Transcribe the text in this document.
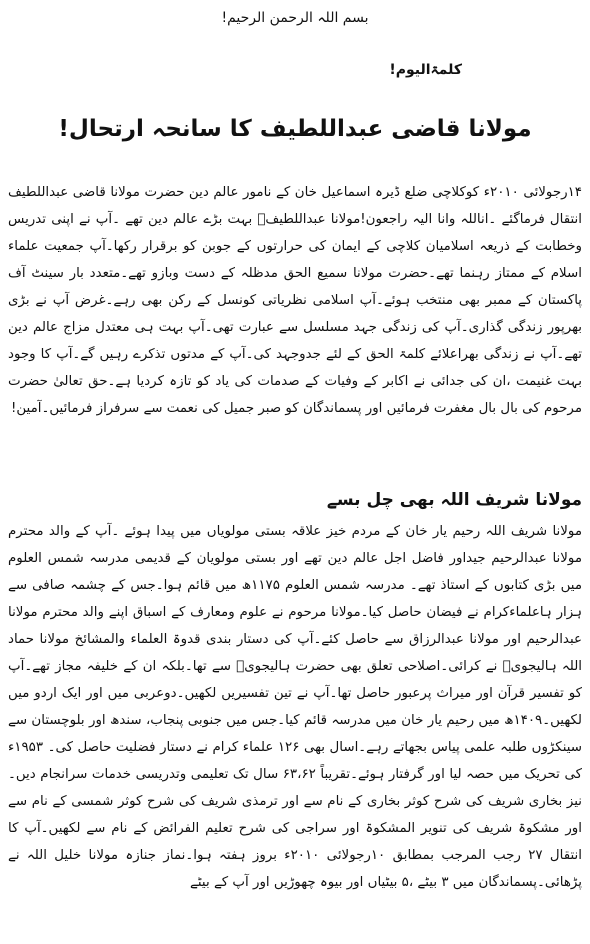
بسم اللہ الرحمن الرحیم!
کلمۃالیوم!
مولانا قاضی عبداللطیف کا سانحہ ارتحال!

۱۴رجولائی ۲۰۱۰ء کوکلاچی ضلع ڈیرہ اسماعیل خان کے نامور عالم دین حضرت مولانا قاضی عبداللطیف انتقال فرماگئے ۔اناللہ وانا الیہ راجعون!مولانا عبداللطیفؒ بہت بڑے عالم دین تھے ۔آپ نے اپنی تدریس وخطابت کے ذریعہ اسلامیان کلاچی کے ایمان کی حرارتوں کے جوبن کو برقرار رکھا۔آپ جمعیت علماء اسلام کے ممتاز رہنما تھے۔حضرت مولانا سمیع الحق مدظلہ کے دست وبازو تھے۔متعدد بار سینٹ آف پاکستان کے ممبر بھی منتخب ہوئے۔آپ اسلامی نظریاتی کونسل کے رکن بھی رہے۔غرض آپ نے بڑی بھرپور زندگی گذاری۔آپ کی زندگی جہد مسلسل سے عبارت تھی۔آپ بہت ہی معتدل مزاج عالم دین تھے۔آپ نے زندگی بھراعلائے کلمۃ الحق کے لئے جدوجہد کی۔آپ کے مدتوں تذکرے رہیں گے۔آپ کا وجود بہت غنیمت ،ان کی جدائی نے اکابر کے وفیات کے صدمات کی یاد کو تازہ کردیا ہے۔حق تعالیٰ حضرت مرحوم کی بال بال مغفرت فرمائیں اور پسماندگان کو صبر جمیل کی نعمت سے سرفراز فرمائیں۔آمین!

مولانا شریف اللہ بھی چل بسے

مولانا شریف اللہ رحیم یار خان کے مردم خیز علاقہ بستی مولویاں میں پیدا ہوئے ۔آپ کے والد محترم مولانا عبدالرحیم جیداور فاضل اجل عالم دین تھے اور بستی مولویان کے قدیمی مدرسہ شمس العلوم میں بڑی کتابوں کے استاذ تھے۔ مدرسہ شمس العلوم ۱۱۷۵ھ میں قائم ہوا۔جس کے چشمہ صافی سے ہزار ہاعلماءکرام نے فیضان حاصل کیا۔مولانا مرحوم نے علوم ومعارف کے اسباق اپنے والد محترم مولانا عبدالرحیم اور مولانا عبدالرزاق سے حاصل کئے۔آپ کی دستار بندی قدوۃ العلماء والمشائخ مولانا حماد اللہ ہالیجویؒ نے کرائی۔اصلاحی تعلق بھی حضرت ہالیجویؒ سے تھا۔بلکہ ان کے خلیفہ مجاز تھے۔آپ کو تفسیر قرآن اور میراث پرعبور حاصل تھا۔آپ نے تین تفسیریں لکھیں۔دوعربی میں اور ایک اردو میں لکھیں۔۱۴۰۹ھ میں رحیم یار خان میں مدرسہ قائم کیا۔جس میں جنوبی پنجاب، سندھ اور بلوچستان سے سینکڑوں طلبہ علمی پیاس بجھاتے رہے۔اسال بھی ۱۲۶ علماء کرام نے دستار فضلیت حاصل کی۔ ۱۹۵۳ء کی تحریک میں حصہ لیا اور گرفتار ہوئے۔تقریباً ۶۳،۶۲ سال تک تعلیمی وتدریسی خدمات سرانجام دیں۔ نیز بخاری شریف کی شرح کوثر بخاری کے نام سے اور ترمذی شریف کی شرح کوثر شمسی کے نام سے اور مشکوۃ شریف کی تنویر المشکوۃ اور سراجی کی شرح تعلیم الفرائض کے نام سے لکھیں۔آپ کا انتقال ۲۷ رجب المرجب بمطابق ۱۰رجولائی ۲۰۱۰ء بروز ہفتہ ہوا۔نماز جنازہ مولانا خلیل اللہ نے پڑھائی۔پسماندگان میں ۳ بیٹے ،۵ بیٹیاں اور بیوہ چھوڑیں اور آپ کے بیٹے
